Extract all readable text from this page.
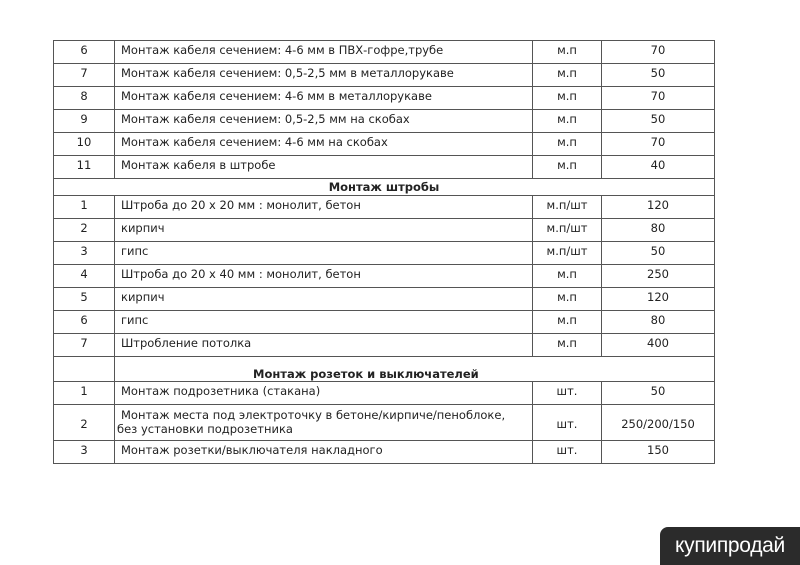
6	Монтаж кабеля сечением: 4-6 мм в ПВХ-гофре,трубе	м.п	70
7	Монтаж кабеля сечением: 0,5-2,5 мм в металлорукаве	м.п	50
8	Монтаж кабеля сечением: 4-6 мм в металлорукаве	м.п	70
9	Монтаж кабеля сечением: 0,5-2,5 мм на скобах	м.п	50
10	Монтаж кабеля сечением: 4-6 мм на скобах	м.п	70
11	Монтаж кабеля в штробе	м.п	40
Монтаж штробы			
1	Штроба до 20 х 20 мм : монолит, бетон	м.п/шт	120
2	кирпич	м.п/шт	80
3	гипс	м.п/шт	50
4	Штроба до 20 х 40 мм : монолит, бетон	м.п	250
5	кирпич	м.п	120
6	гипс	м.п	80
7	Штробление потолка	м.п	400
	Монтаж розеток и выключателей		
1	Монтаж подрозетника (стакана)	шт.	50
2	Монтаж места под электроточку в бетоне/кирпиче/пеноблоке, без установки подрозетника	шт.	250/200/150
3	Монтаж розетки/выключателя накладного	шт.	150
купипродай
